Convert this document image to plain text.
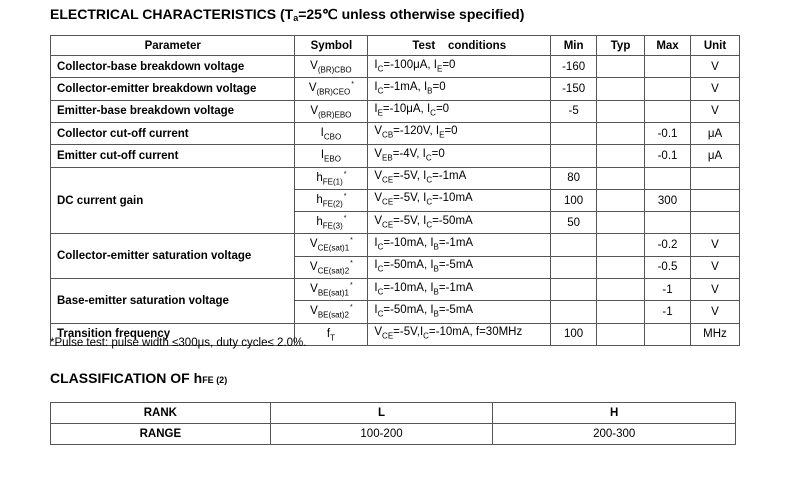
ELECTRICAL CHARACTERISTICS ($T_a=25℃$ unless otherwise specified)
Parameter	Symbol	Test    conditions	Min	Typ	Max	Unit
Collector-base breakdown voltage	$V_{(BR)CBO}$	$I_C=-100\mu A$, $I_E=0$	-160			V
Collector-emitter breakdown voltage	$V_{(BR)CEO}^*$	$I_C=-1mA$, $I_B=0$	-150			V
Emitter-base breakdown voltage	$V_{(BR)EBO}$	$I_E=-10\mu A$, $I_C=0$	-5			V
Collector cut-off current	$I_{CBO}$	$V_{CB}=-120V$, $I_E=0$			-0.1	μA
Emitter cut-off current	$I_{EBO}$	$V_{EB}=-4V$, $I_C=0$			-0.1	μA
DC current gain	$h_{FE(1)}^*$	$V_{CE}=-5V$, $I_C=-1mA$	80			
	$h_{FE(2)}^*$	$V_{CE}=-5V$, $I_C=-10mA$	100		300	
	$h_{FE(3)}^*$	$V_{CE}=-5V$, $I_C=-50mA$	50			
Collector-emitter saturation voltage	$V_{CE(sat)1}^*$	$I_C=-10mA$, $I_B=-1mA$			-0.2	V
	$V_{CE(sat)2}^*$	$I_C=-50mA$, $I_B=-5mA$			-0.5	V
Base-emitter saturation voltage	$V_{BE(sat)1}^*$	$I_C=-10mA$, $I_B=-1mA$			-1	V
	$V_{BE(sat)2}^*$	$I_C=-50mA$, $I_B=-5mA$			-1	V
Transition frequency	$f_T$	$V_{CE}=-5V,I_C=-10mA$, f=30MHz	100			MHz
*Pulse test: pulse width ≤300μs, duty cycle≤ 2.0%.
CLASSIFICATION OF hFE (2)
RANK	L	H
RANGE	100-200	200-300
